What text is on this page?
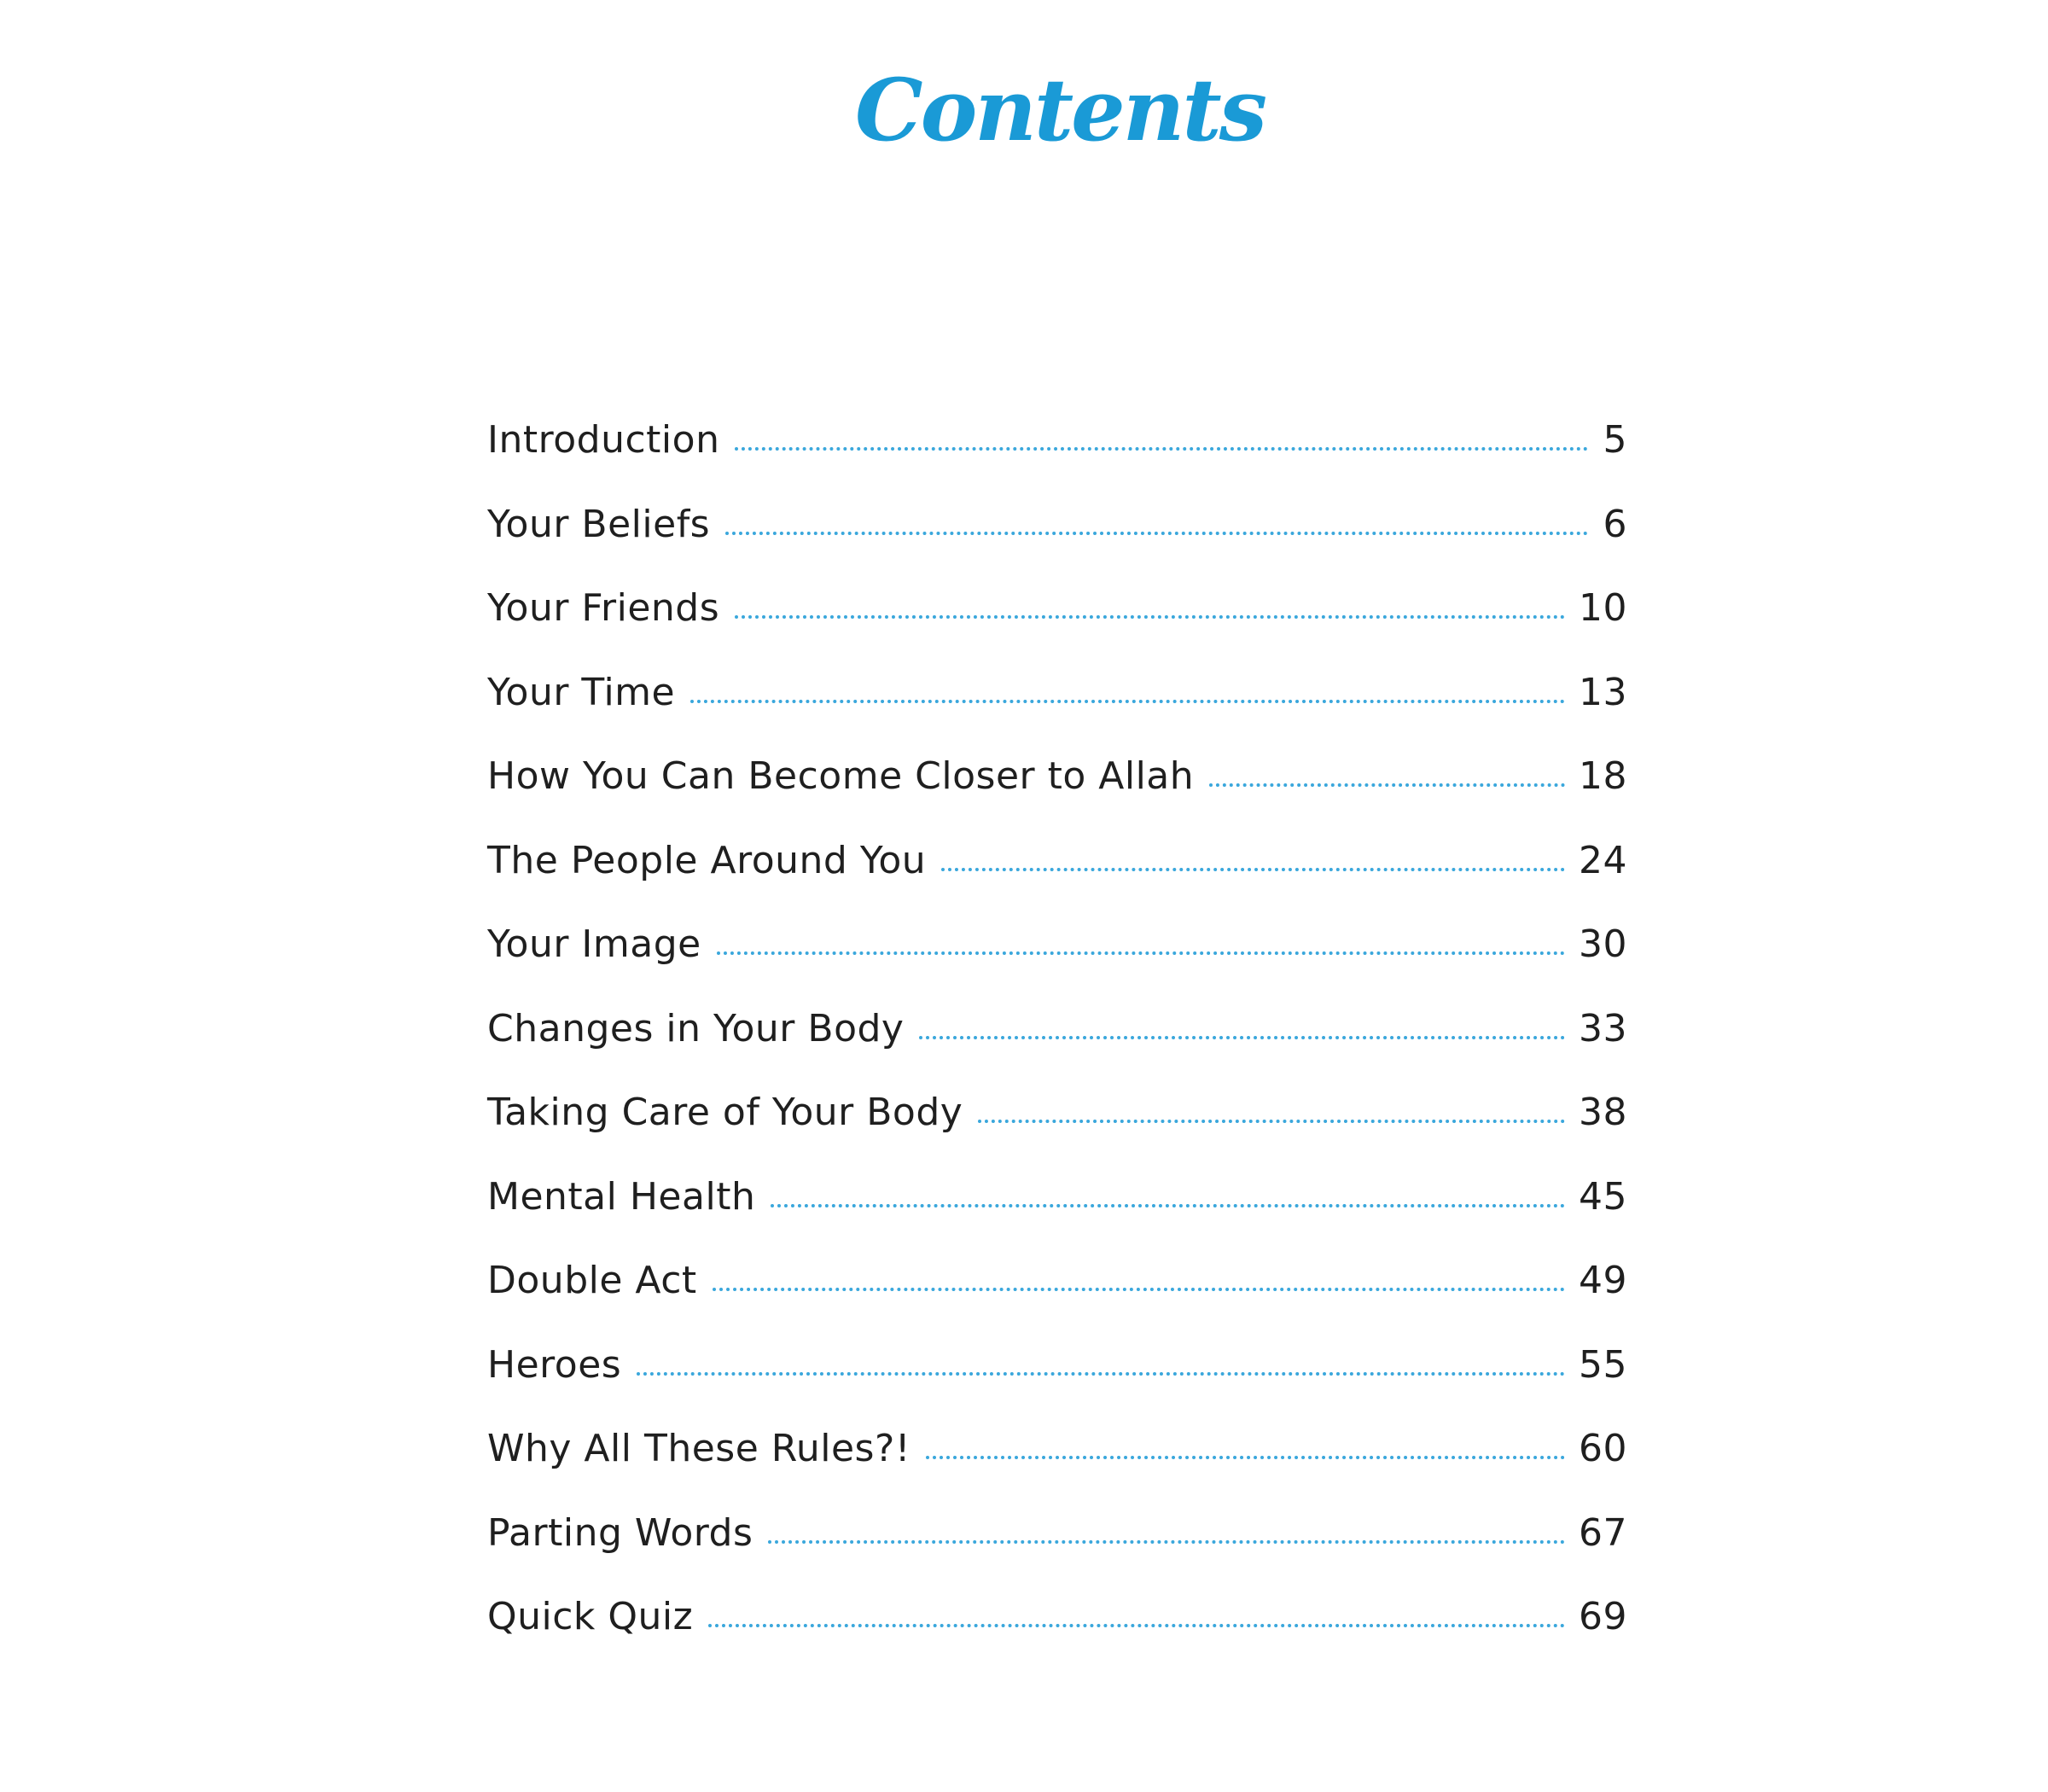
Contents
Introduction	5
Your Beliefs	6
Your Friends	10
Your Time	13
How You Can Become Closer to Allah	18
The People Around You	24
Your Image	30
Changes in Your Body	33
Taking Care of Your Body	38
Mental Health	45
Double Act	49
Heroes	55
Why All These Rules?!	60
Parting Words	67
Quick Quiz	69
